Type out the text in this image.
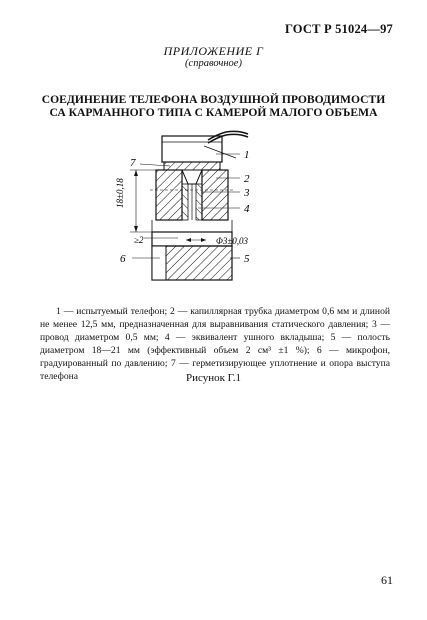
ГОСТ Р 51024—97
ПРИЛОЖЕНИЕ Г
(справочное)
СОЕДИНЕНИЕ ТЕЛЕФОНА ВОЗДУШНОЙ ПРОВОДИМОСТИ
СА КАРМАННОГО ТИПА С КАМЕРОЙ МАЛОГО ОБЪЕМА
18±0,18
≥2	Φ3±0,03
1
2
3
4
5
6
7
1 — испытуемый телефон; 2 — капиллярная трубка диаметром 0,6 мм и длиной не менее 12,5 мм, предназначенная для выравнивания статического давления; 3 — провод диаметром 0,5 мм; 4 — эквивалент ушного вкладыша; 5 — полость диаметром 18—21 мм (эффективный объем 2 см³ ±1 %); 6 — микрофон, градуированный по давлению; 7 — герметизирующее уплотнение и опора выступа телефона	Рисунок Г.1
61
